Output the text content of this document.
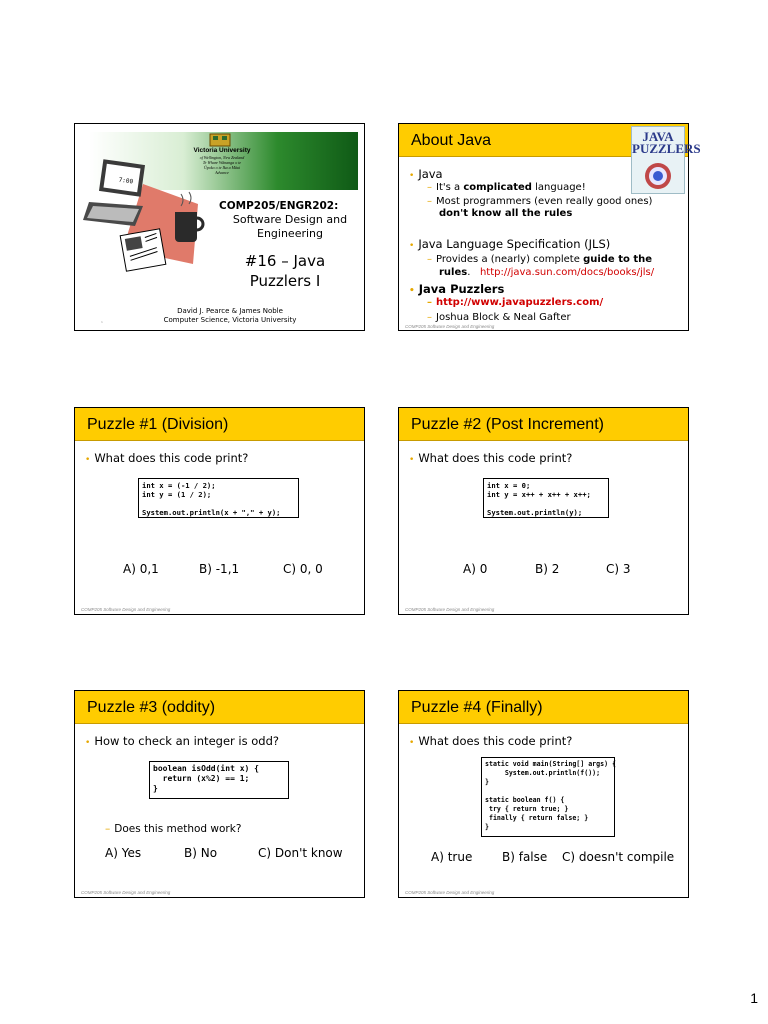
Victoria University
of Wellington, New Zealand
Te Whare Wānanga o te
Ūpoko o te Ika a Māui
Advance
7:00
COMP205/ENGR202:
Software Design and Engineering
#16 – Java Puzzlers I
David J. Pearce & James Noble
Computer Science, Victoria University
1
About Java	JAVA PUZZLERS
• Java
– It's a complicated language!
– Most programmers (even really good ones)
don't know all the rules
• Java Language Specification (JLS)
– Provides a (nearly) complete guide to the
rules.   http://java.sun.com/docs/books/jls/
• Java Puzzlers
– http://www.javapuzzlers.com/
– Joshua Block & Neal Gafter
COMP205 Software Design and Engineering
Puzzle #1 (Division)
• What does this code print?
int x = (-1 / 2);
int y = (1 / 2);

System.out.println(x + "," + y);
A) 0,1	B) -1,1	C) 0, 0
COMP205 Software Design and Engineering
Puzzle #2 (Post Increment)
• What does this code print?
int x = 0;
int y = x++ + x++ + x++;

System.out.println(y);
A) 0	B) 2	C) 3
COMP205 Software Design and Engineering
Puzzle #3 (oddity)
• How to check an integer is odd?
boolean isOdd(int x) {
return (x%2) == 1;
}
– Does this method work?
A) Yes	B) No	C) Don't know
COMP205 Software Design and Engineering
Puzzle #4 (Finally)
• What does this code print?
static void main(String[] args) {
System.out.println(f());
}

static boolean f() {
try { return true; }
finally { return false; }
}
A) true B) false C) doesn't compile
COMP205 Software Design and Engineering
1
